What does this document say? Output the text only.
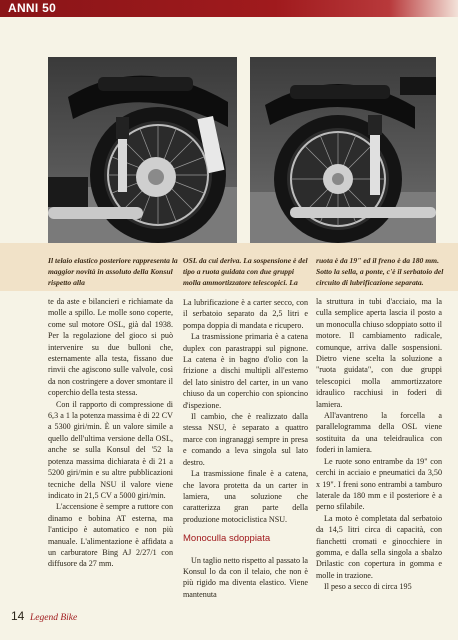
ANNI 50
Il telaio elastico posteriore rappresenta la maggior novità in assoluto della Konsul rispetto alla
OSL da cui deriva. La sospensione è del tipo a ruota guidata con due gruppi molla ammortizzatore telescopici. La
ruota è da 19" ed il freno è da 180 mm. Sotto la sella, a ponte, c'è il serbatoio del circuito di lubrificazione separata.

te da aste e bilancieri e richiamate da molle a spillo. Le molle sono coperte, come sul motore OSL, già dal 1938. Per la regolazione del gioco si può intervenire su due bulloni che, esternamente alla testa, fissano due rinvii che agiscono sulle valvole, così da non costringere a dover smontare il coperchio della testa stessa.

Con il rapporto di compressione di 6,3 a 1 la potenza massima è di 22 CV a 5300 giri/min. È un valore simile a quello dell'ultima versione della OSL, anche se sulla Konsul del '52 la potenza massima dichiarata è di 21 a 5200 giri/min e su altre pubblicazioni tecniche della NSU il valore viene indicato in 21,5 CV a 5000 giri/min.

L'accensione è sempre a ruttore con dinamo e bobina AT esterna, ma l'anticipo è automatico e non più manuale. L'alimentazione è affidata a un carburatore Bing AJ 2/27/1 con diffusore da 27 mm.

La lubrificazione è a carter secco, con il serbatoio separato da 2,5 litri e pompa doppia di mandata e ricupero.

La trasmissione primaria è a catena duplex con parastrappi sul pignone. La catena è in bagno d'olio con la frizione a dischi multipli all'esterno del lato sinistro del carter, in un vano chiuso da un coperchio con spioncino d'ispezione.

Il cambio, che è realizzato dalla stessa NSU, è separato a quattro marce con ingranaggi sempre in presa e comando a leva singola sul lato destro.

La trasmissione finale è a catena, che lavora protetta da un carter in lamiera, una soluzione che caratterizza gran parte della produzione motociclistica NSU.

Monoculla sdoppiata

Un taglio netto rispetto al passato la Konsul lo da con il telaio, che non è più rigido ma diventa elastico. Viene mantenuta

la struttura in tubi d'acciaio, ma la culla semplice aperta lascia il posto a un monoculla chiuso sdoppiato sotto il motore. Il cambiamento radicale, comunque, arriva dalle sospensioni. Dietro viene scelta la soluzione a "ruota guidata", con due gruppi telescopici molla ammortizzatore idraulico racchiusi in foderi di lamiera.

All'avantreno la forcella a parallelogramma della OSL viene sostituita da una teleidraulica con foderi in lamiera.

Le ruote sono entrambe da 19" con cerchi in acciaio e pneumatici da 3,50 x 19". I freni sono entrambi a tamburo laterale da 180 mm e il posteriore è a perno sfilabile.

La moto è completata dal serbatoio da 14,5 litri circa di capacità, con fianchetti cromati e ginocchiere in gomma, e dalla sella singola a sbalzo Drilastic con copertura in gomma e molle in trazione.

Il peso a secco di circa 195

14 Legend Bike
